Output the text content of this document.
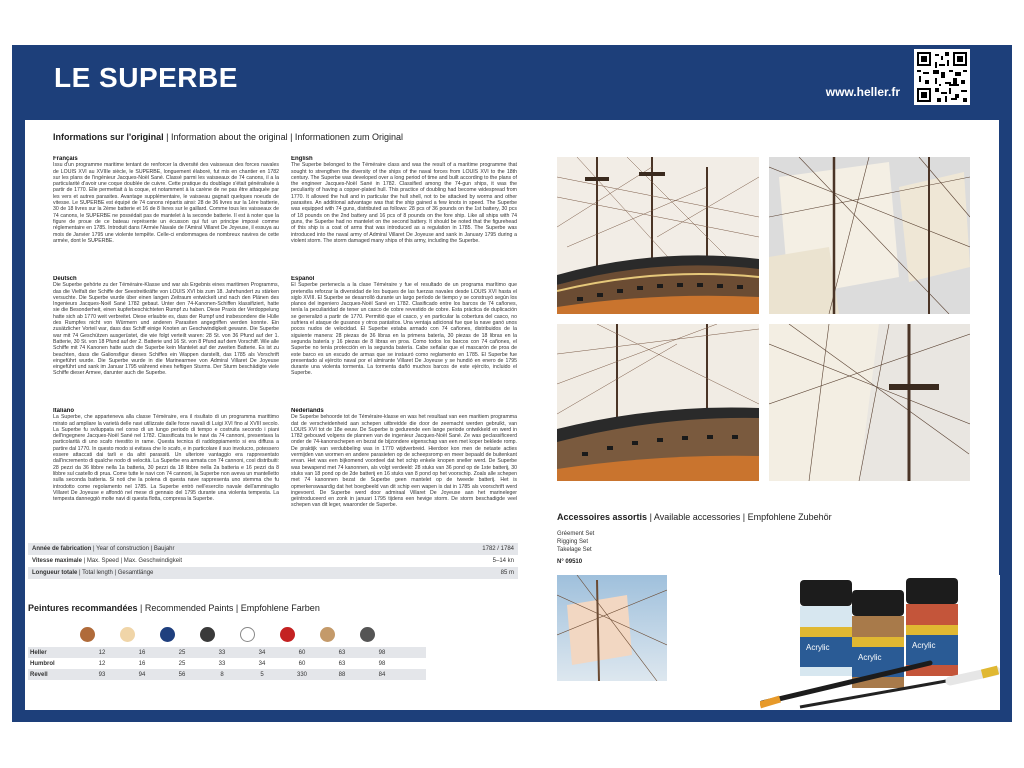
LE SUPERBE	www.heller.fr
Informations sur l'original | Information about the original | Informationen zum Original
Français
Issu d'un programme maritime tentant de renforcer la diversité des vaisseaux des forces navales de LOUIS XVI au XVIIIe siècle, le SUPERBE, longuement élaboré, fut mis en chantier en 1782 sur les plans de l'ingénieur Jacques-Noël Sané. Classé parmi les vaisseaux de 74 canons, il a la particularité d'avoir une coque doublée de cuivre. Cette pratique du doublage s'était généralisée à partir de 1770. Elle permettait à la coque, et notamment à la carène de ne pas être attaquée par les vers et autres parasites. Avantage supplémentaire, le vaisseau gagnait quelques noeuds de vitesse. Le SUPERBE est équipé de 74 canons répartis ainsi: 28 de 36 livres sur la 1ère batterie, 30 de 18 livres sur la 2ème batterie et 16 de 8 livres sur le gaillard. Comme tous les vaisseaux de 74 canons, le SUPERBE ne possédait pas de mantelet à la seconde batterie. Il est à noter que la figure de proue de ce bateau représente un écusson qui fut un principe imposé comme réglementaire en 1785. Introduit dans l'Armée Navale de l'Amiral Villaret De Joyeuse, il essuya au mois de Janvier 1795 une violente tempête. Celle-ci endommagea de nombreux navires de cette armée, dont le SUPERBE.
Deutsch
Die Superbe gehörte zu der Téméraire-Klasse und war als Ergebnis eines maritimen Programms, das die Vielfalt der Schiffe der Seestreitkräfte von LOUIS XVI bis zum 18. Jahrhundert zu stärken versuchte. Die Superbe wurde über einen langen Zeitraum entwickelt und nach den Plänen des Ingenieurs Jacques-Noël Sané 1782 gebaut. Unter den 74-Kanonen-Schiffen klassifiziert, hatte sie die Besonderheit, einen kupferbeschichteten Rumpf zu haben. Diese Praxis der Verdoppelung hatte sich ab 1770 weit verbreitet. Diese erlaubte es, dass der Rumpf und insbesondere die Hülle des Rumpfes nicht von Würmern und anderen Parasiten angegriffen werden konnte. Ein zusätzlicher Vorteil war, dass das Schiff einige Knoten an Geschwindigkeit gewann. Die Superbe war mit 74 Geschützen ausgerüstet, die wie folgt verteilt waren: 28 St. von 36 Pfund auf der 1. Batterie, 30 St. von 18 Pfund auf der 2. Batterie und 16 St. von 8 Pfund auf dem Vorschiff. Wie alle Schiffe mit 74 Kanonen hatte auch die Superbe kein Mantelet auf der zweiten Batterie. Es ist zu beachten, dass die Galionsfigur dieses Schiffes ein Wappen darstellt, das 1785 als Vorschrift eingeführt wurde. Die Superbe wurde in die Marinearmee von Admiral Villaret De Joyeuse eingeführt und sank im Januar 1795 während eines heftigen Sturms. Der Sturm beschädigte viele Schiffe dieser Armee, darunter auch die Superbe.
Italiano
La Superbe, che apparteneva alla classe Téméraire, era il risultato di un programma marittimo mirato ad ampliare la varietà delle navi utilizzate dalle forze navali di Luigi XVI fino al XVIII secolo. La Superbe fu sviluppata nel corso di un lungo periodo di tempo e costruita secondo i piani dell'ingegnere Jacques-Noël Sané nel 1782. Classificata tra le navi da 74 cannoni, presentava la particolarità di uno scafo rivestito in rame. Questa tecnica di raddoppiamento si era diffusa a partire dal 1770. In questo modo si evitava che lo scafo, e in particolare il suo involucro, potessero essere attaccati dai tarli e da altri parassiti. Un ulteriore vantaggio era rappresentato dall'incremento di qualche nodo di velocità. La Superbe era armata con 74 cannoni, così distribuiti: 28 pezzi da 36 libbre nella 1a batteria, 30 pezzi da 18 libbre nella 2a batteria e 16 pezzi da 8 libbre sul castello di prua. Come tutte le navi con 74 cannoni, la Superbe non aveva un mantelletto sulla seconda batteria. Si noti che la polena di questa nave rappresenta uno stemma che fu introdotto come regolamento nel 1785. La Superbe entrò nell'esercito navale dell'ammiraglio Villaret De Joyeuse e affondò nel mese di gennaio del 1795 durante una violenta tempesta. La tempesta danneggiò molte navi di questa flotta, compresa la Superbe.
English
The Superbe belonged to the Téméraire class and was the result of a maritime programme that sought to strengthen the diversity of the ships of the naval forces from LOUIS XVI to the 18th century. The Superbe was developed over a long period of time and built according to the plans of the engineer Jacques-Noël Sané in 1782. Classified among the 74-gun ships, it was the peculiarity of having a copper-plated hull. This practice of doubling had become widespread from 1770. It allowed the hull and in particular the hull shell, not to be attacked by worms and other parasites. An additional advantage was that the ship gained a few knots in speed. The Superbe was equipped with 74 guns, distributed as follows: 28 pcs of 36 pounds on the 1st battery, 30 pcs of 18 pounds on the 2nd battery and 16 pcs of 8 pounds on the fore ship. Like all ships with 74 guns, the Superbe had no mantelet on the second battery. It should be noted that the figurehead of this ship is a coat of arms that was introduced as a regulation in 1785. The Superbe was introduced into the naval army of Admiral Villaret De Joyeuse and sank in January 1795 during a violent storm. The storm damaged many ships of this army, including the Superbe.
Español
El Superbe pertenecía a la clase Téméraire y fue el resultado de un programa marítimo que pretendía reforzar la diversidad de los buques de las fuerzas navales desde LOUIS XVI hasta el siglo XVIII. El Superbe se desarrolló durante un largo período de tiempo y se construyó según los planos del ingeniero Jacques-Noël Sané en 1782. Clasificado entre los barcos de 74 cañones, tenía la peculiaridad de tener un casco de cobre revestido de cobre. Esta práctica de duplicación se generalizó a partir de 1770. Permitió que el casco, y en particular la cobertura del casco, no sufriera el ataque de gusanos y otros parásitos. Una ventaja adicional fue que la nave ganó unos pocos nudos de velocidad. El Superbe estaba armado con 74 cañones, distribuidos de la siguiente manera: 28 piezas de 36 libras en la primera batería, 30 piezas de 18 libras en la segunda batería y 16 piezas de 8 libras en proa. Como todos los barcos con 74 cañones, el Superbe no tenía protección en la segunda batería. Cabe señalar que el mascarón de proa de este barco es un escudo de armas que se instauró como reglamento en 1785. El Superbe fue presentado al ejército naval por el almirante Villaret De Joyeuse y se hundió en enero de 1795 durante una violenta tormenta. La tormenta dañó muchos barcos de este ejército, incluido el Superbe.
Nederlands
De Superbe behoorde tot de Téméraire-klasse en was het resultaat van een maritiem programma dat de verscheidenheid aan schepen uitbreidde die door de zeemacht werden gebruikt, van LOUIS XVI tot de 18e eeuw. De Superbe is gedurende een lange periode ontwikkeld en werd in 1782 gebouwd volgens de plannen van de ingenieur Jacques-Noël Sané. Ze was geclassificeerd onder de 74-kanonschepen en bezat de bijzondere eigenschap van een met koper beklede romp. De praktijk van verdubbeling was in 1770 wijdverbreid. Hierdoor kon men de netaste acties vermijden van wormen en andere parasieten op de scheepsromp en meer bepaald de buitenkant ervan. Het was een bijkomend voordeel dat het schip enkele knopen sneller werd. De Superbe was bewapend met 74 kanonnen, als volgt verdeeld: 28 stuks van 36 pond op de 1ste batterij, 30 stuks van 18 pond op de 2de batterij en 16 stuks van 8 pond op het voorschip. Zoals alle schepen met 74 kanonnen bezat de Superbe geen mantelet op de tweede batterij. Het is opmerkenswaardig dat het boegbeeld van dit schip een wapen is dat in 1785 als voorschrift werd ingevoerd. De Superbe werd door admiraal Villaret De Joyeuse aan het marineleger geïntroduceerd en zonk in januari 1795 tijdens een hevige storm. De storm beschadigde veel schepen van dit leger, waaronder de Superbe.
Année de fabrication | Year of construction | Baujahr	1782 / 1784
Vitesse maximale | Max. Speed | Max. Geschwindigkeit	5–14 kn
Longueur totale | Total length | Gesamtlänge	85 m
Peintures recommandées | Recommended Paints | Empfohlene Farben
Heller	12	16	25	33	34	60	63	98
Humbrol	12	16	25	33	34	60	63	98
Revell	93	94	56	8	5	330	88	84
Accessoires assortis | Available accessories | Empfohlene Zubehör
Gréement Set
Rigging Set
Takelage Set
N° 09510
Acrylic
Acrylic
Acrylic
